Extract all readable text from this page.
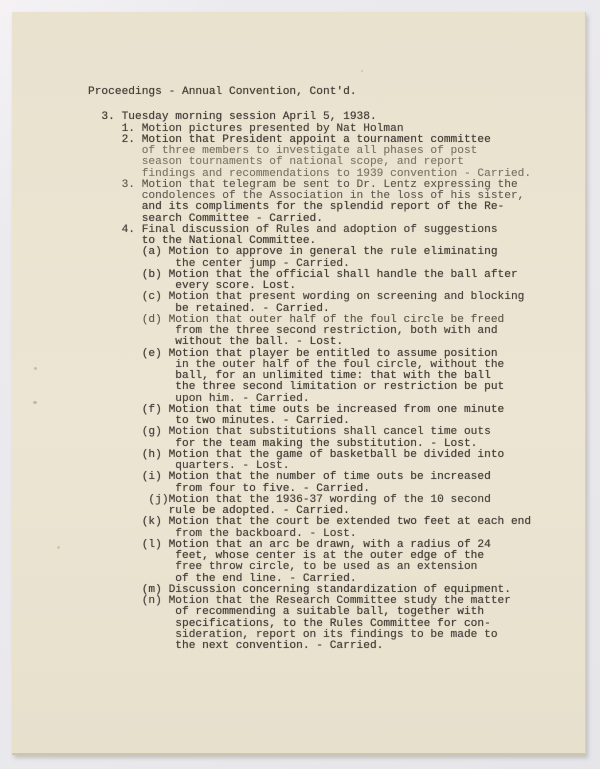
Proceedings - Annual Convention, Cont'd.
3. Tuesday morning session April 5, 1938.
1. Motion pictures presented by Nat Holman
2. Motion that President appoint a tournament committee
of three members to investigate all phases of post
season tournaments of national scope, and report
findings and recommendations to 1939 convention - Carried.
3. Motion that telegram be sent to Dr. Lentz expressing the
condolences of the Association in the loss of his sister,
and its compliments for the splendid report of the Re-
search Committee - Carried.
4. Final discussion of Rules and adoption of suggestions
to the National Committee.
(a) Motion to approve in general the rule eliminating
the center jump - Carried.
(b) Motion that the official shall handle the ball after
every score. Lost.
(c) Motion that present wording on screening and blocking
be retained. - Carried.
(d) Motion that outer half of the foul circle be freed
from the three second restriction, both with and
without the ball. - Lost.
(e) Motion that player be entitled to assume position
in the outer half of the foul circle, without the
ball, for an unlimited time: that with the ball
the three second limitation or restriction be put
upon him. - Carried.
(f) Motion that time outs be increased from one minute
to two minutes. - Carried.
(g) Motion that substitutions shall cancel time outs
for the team making the substitution. - Lost.
(h) Motion that the game of basketball be divided into
quarters. - Lost.
(i) Motion that the number of time outs be increased
from four to five. - Carried.
(j)Motion that the 1936-37 wording of the 10 second
rule be adopted. - Carried.
(k) Motion that the court be extended two feet at each end
from the backboard. - Lost.
(l) Motion that an arc be drawn, with a radius of 24
feet, whose center is at the outer edge of the
free throw circle, to be used as an extension
of the end line. - Carried.
(m) Discussion concerning standardization of equipment.
(n) Motion that the Research Committee study the matter
of recommending a suitable ball, together with
specifications, to the Rules Committee for con-
sideration, report on its findings to be made to
the next convention. - Carried.
